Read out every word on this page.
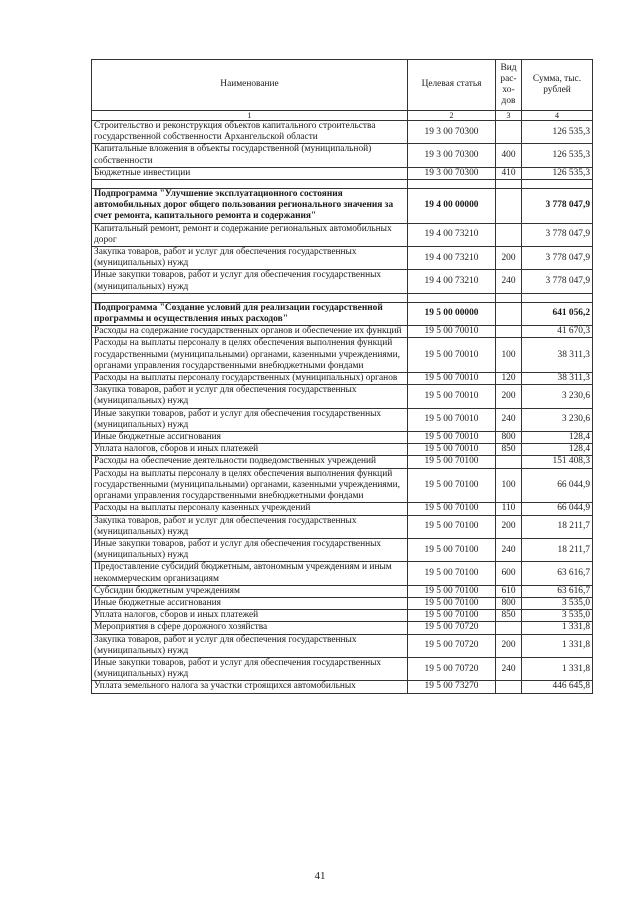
Наименование	Целевая статья	Вид рас- хо- дов	Сумма, тыс. рублей
1	2	3	4
Строительство и реконструкция объектов капитального строительства государственной собственности Архангельской области	19 3 00 70300		126 535,3
Капитальные вложения в объекты государственной (муниципальной) собственности	19 3 00 70300	400	126 535,3
Бюджетные инвестиции	19 3 00 70300	410	126 535,3

Подпрограмма "Улучшение эксплуатационного состояния автомобильных дорог общего пользования регионального значения за счет ремонта, капитального ремонта и содержания"	19 4 00 00000		3 778 047,9
Капитальный ремонт, ремонт и содержание региональных автомобильных дорог	19 4 00 73210		3 778 047,9
Закупка товаров, работ и услуг для обеспечения государственных (муниципальных) нужд	19 4 00 73210	200	3 778 047,9
Иные закупки товаров, работ и услуг для обеспечения государственных (муниципальных) нужд	19 4 00 73210	240	3 778 047,9

Подпрограмма "Создание условий для реализации государственной программы и осуществления иных расходов"	19 5 00 00000		641 056,2
Расходы на содержание государственных органов и обеспечение их функций	19 5 00 70010		41 670,3
Расходы на выплаты персоналу в целях обеспечения выполнения функций государственными (муниципальными) органами, казенными учреждениями, органами управления государственными внебюджетными фондами	19 5 00 70010	100	38 311,3
Расходы на выплаты персоналу государственных (муниципальных) органов	19 5 00 70010	120	38 311,3
Закупка товаров, работ и услуг для обеспечения государственных (муниципальных) нужд	19 5 00 70010	200	3 230,6
Иные закупки товаров, работ и услуг для обеспечения государственных (муниципальных) нужд	19 5 00 70010	240	3 230,6
Иные бюджетные ассигнования	19 5 00 70010	800	128,4
Уплата налогов, сборов и иных платежей	19 5 00 70010	850	128,4
Расходы на обеспечение деятельности подведомственных учреждений	19 5 00 70100		151 408,3
Расходы на выплаты персоналу в целях обеспечения выполнения функций государственными (муниципальными) органами, казенными учреждениями, органами управления государственными внебюджетными фондами	19 5 00 70100	100	66 044,9
Расходы на выплаты персоналу казенных учреждений	19 5 00 70100	110	66 044,9
Закупка товаров, работ и услуг для обеспечения государственных (муниципальных) нужд	19 5 00 70100	200	18 211,7
Иные закупки товаров, работ и услуг для обеспечения государственных (муниципальных) нужд	19 5 00 70100	240	18 211,7
Предоставление субсидий бюджетным, автономным учреждениям и иным некоммерческим организациям	19 5 00 70100	600	63 616,7
Субсидии бюджетным учреждениям	19 5 00 70100	610	63 616,7
Иные бюджетные ассигнования	19 5 00 70100	800	3 535,0
Уплата налогов, сборов и иных платежей	19 5 00 70100	850	3 535,0
Мероприятия в сфере дорожного хозяйства	19 5 00 70720		1 331,8
Закупка товаров, работ и услуг для обеспечения государственных (муниципальных) нужд	19 5 00 70720	200	1 331,8
Иные закупки товаров, работ и услуг для обеспечения государственных (муниципальных) нужд	19 5 00 70720	240	1 331,8
Уплата земельного налога за участки строящихся автомобильных	19 5 00 73270		446 645,8
41
